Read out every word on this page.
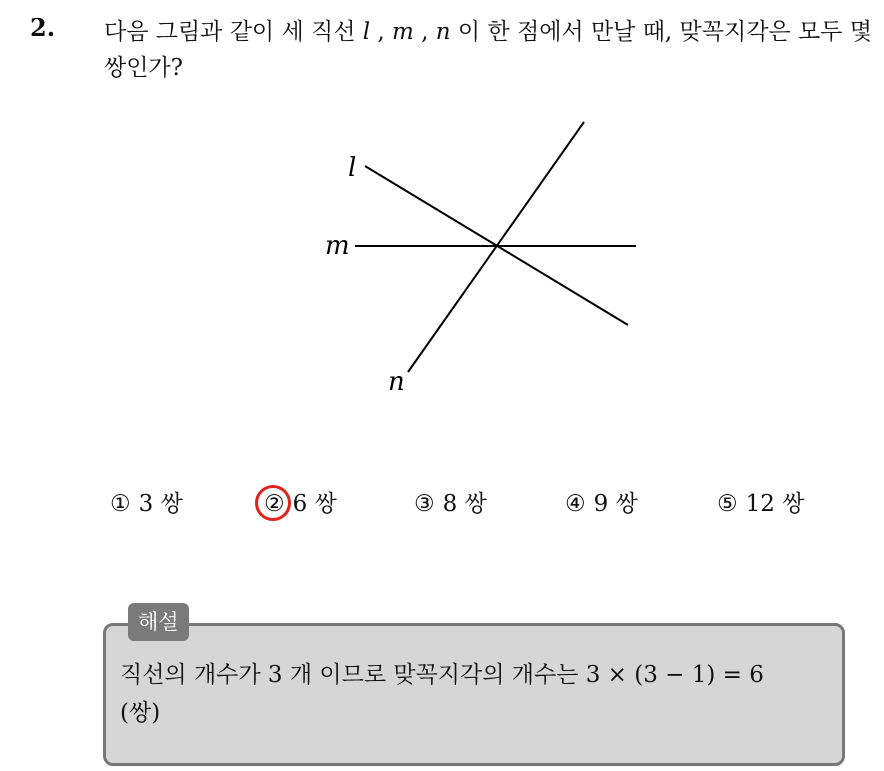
2. 다음 그림과 같이 세 직선 l , m , n 이 한 점에서 만날 때, 맞꼭지각은 모두 몇 쌍인가?
l
m
n
① 3 쌍	② 6 쌍	③ 8 쌍	④ 9 쌍	⑤ 12 쌍
해설
직선의 개수가 3 개 이므로 맞꼭지각의 개수는 3 × (3 − 1) = 6
(쌍)
